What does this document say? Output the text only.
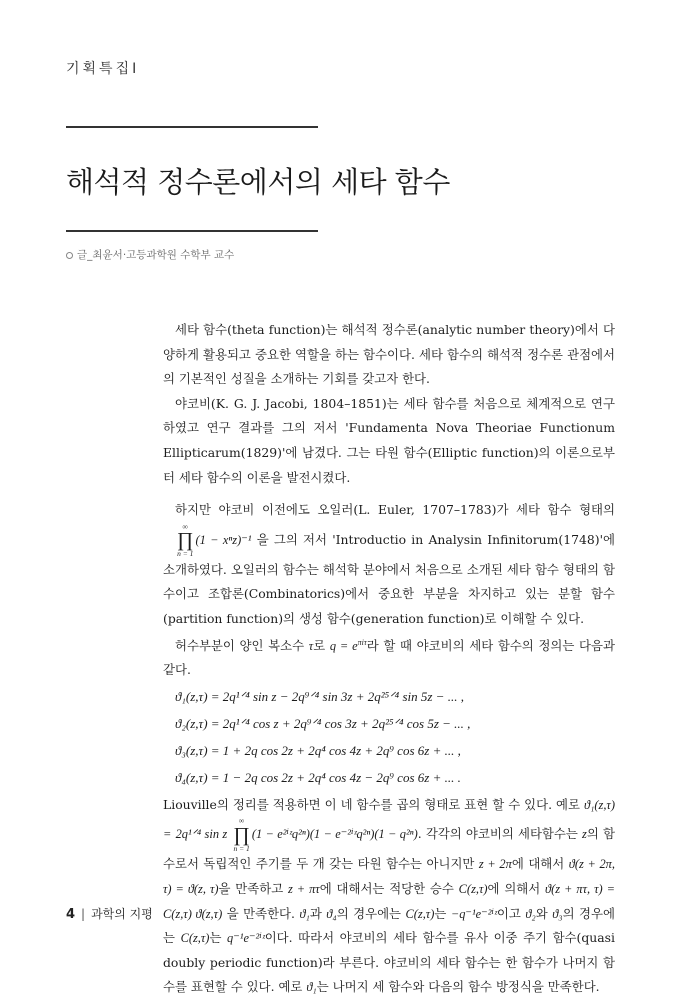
기획특집Ⅰ
해석적 정수론에서의 세타 함수
글_최윤서·고등과학원 수학부 교수

세타 함수(theta function)는 해석적 정수론(analytic number theory)에서 다양하게 활용되고 중요한 역할을 하는 함수이다. 세타 함수의 해석적 정수론 관점에서의 기본적인 성질을 소개하는 기회를 갖고자 한다.

야코비(K. G. J. Jacobi, 1804–1851)는 세타 함수를 처음으로 체계적으로 연구하였고 연구 결과를 그의 저서 'Fundamenta Nova Theoriae Functionum Ellipticarum(1829)'에 남겼다. 그는 타원 함수(Elliptic function)의 이론으로부터 세타 함수의 이론을 발전시켰다.

하지만 야코비 이전에도 오일러(L. Euler, 1707–1783)가 세타 함수 형태의
∞
∏
n = 1
(1 − xⁿz)⁻¹ 을 그의 저서 'Introductio in Analysin Infinitorum(1748)'에 소개하였다. 오일러의 함수는 해석학 분야에서 처음으로 소개된 세타 함수 형태의 함수이고 조합론(Combinatorics)에서 중요한 부분을 차지하고 있는 분할 함수(partition function)의 생성 함수(generation function)로 이해할 수 있다.

허수부분이 양인 복소수 τ로 $q = e^{\pi i\tau}$라 할 때 야코비의 세타 함수의 정의는 다음과 같다.

ϑ₁(z,τ) = 2q¹ᐟ⁴ sin z − 2q⁹ᐟ⁴ sin 3z + 2q²⁵ᐟ⁴ sin 5z − ... ,
ϑ₂(z,τ) = 2q¹ᐟ⁴ cos z + 2q⁹ᐟ⁴ cos 3z + 2q²⁵ᐟ⁴ cos 5z − ... ,
ϑ₃(z,τ) = 1 + 2q cos 2z + 2q⁴ cos 4z + 2q⁹ cos 6z + ... ,
ϑ₄(z,τ) = 1 − 2q cos 2z + 2q⁴ cos 4z − 2q⁹ cos 6z + ... .

Liouville의 정리를 적용하면 이 네 함수를 곱의 형태로 표현 할 수 있다. 예로 ϑ₁(z,τ) = 2q¹ᐟ⁴ sin z
∞
∏
n = 1
(1 − e²ⁱᶻq²ⁿ)(1 − e⁻²ⁱᶻq²ⁿ)(1 − q²ⁿ). 각각의 야코비의 세타함수는 z의 함수로서 독립적인 주기를 두 개 갖는 타원 함수는 아니지만 z + 2π에 대해서 ϑ(z + 2π, τ) = ϑ(z, τ)을 만족하고 z + πτ에 대해서는 적당한 승수 C(z,τ)에 의해서 ϑ(z + πτ, τ) = C(z,τ) ϑ(z,τ) 을 만족한다. ϑ₁과 ϑ₄의 경우에는 C(z,τ)는 −q⁻¹e⁻²ⁱᶻ이고 ϑ₂와 ϑ₃의 경우에는 C(z,τ)는 q⁻¹e⁻²ⁱᶻ이다. 따라서 야코비의 세타 함수를 유사 이중 주기 함수(quasi doubly periodic function)라 부른다. 야코비의 세타 함수는 한 함수가 나머지 함수를 표현할 수 있다. 예로 ϑ₁는 나머지 세 함수와 다음의 함수 방정식을 만족한다.

4 | 과학의 지평
